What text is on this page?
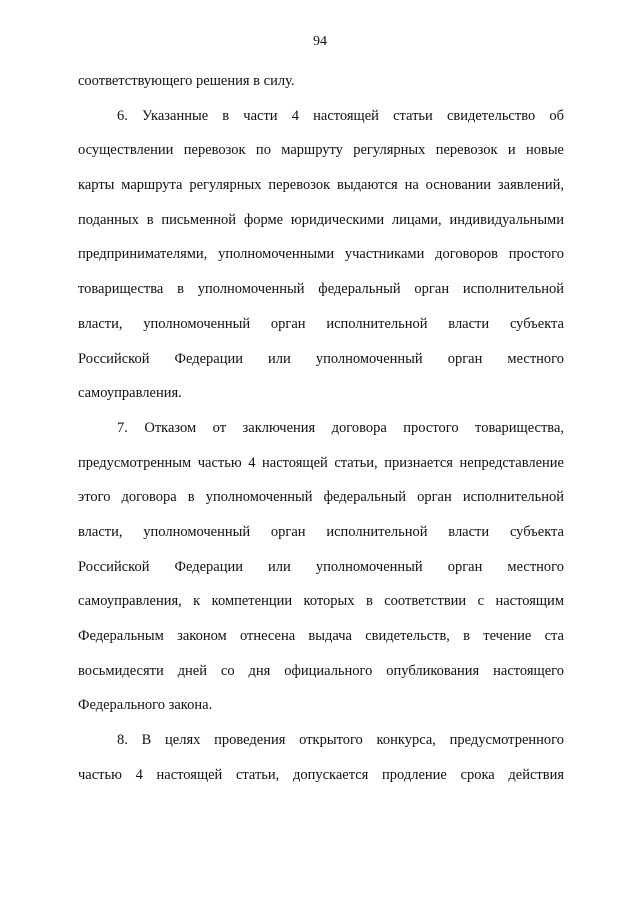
94
соответствующего решения в силу.
6. Указанные в части 4 настоящей статьи свидетельство об
осуществлении перевозок по маршруту регулярных перевозок и новые
карты маршрута регулярных перевозок выдаются на основании заявлений,
поданных в письменной форме юридическими лицами, индивидуальными
предпринимателями, уполномоченными участниками договоров простого
товарищества в уполномоченный федеральный орган исполнительной
власти, уполномоченный орган исполнительной власти субъекта
Российской Федерации или уполномоченный орган местного
самоуправления.
7. Отказом от заключения договора простого товарищества,
предусмотренным частью 4 настоящей статьи, признается непредставление
этого договора в уполномоченный федеральный орган исполнительной
власти, уполномоченный орган исполнительной власти субъекта
Российской Федерации или уполномоченный орган местного
самоуправления, к компетенции которых в соответствии с настоящим
Федеральным законом отнесена выдача свидетельств, в течение ста
восьмидесяти дней со дня официального опубликования настоящего
Федерального закона.
8. В целях проведения открытого конкурса, предусмотренного
частью 4 настоящей статьи, допускается продление срока действия
